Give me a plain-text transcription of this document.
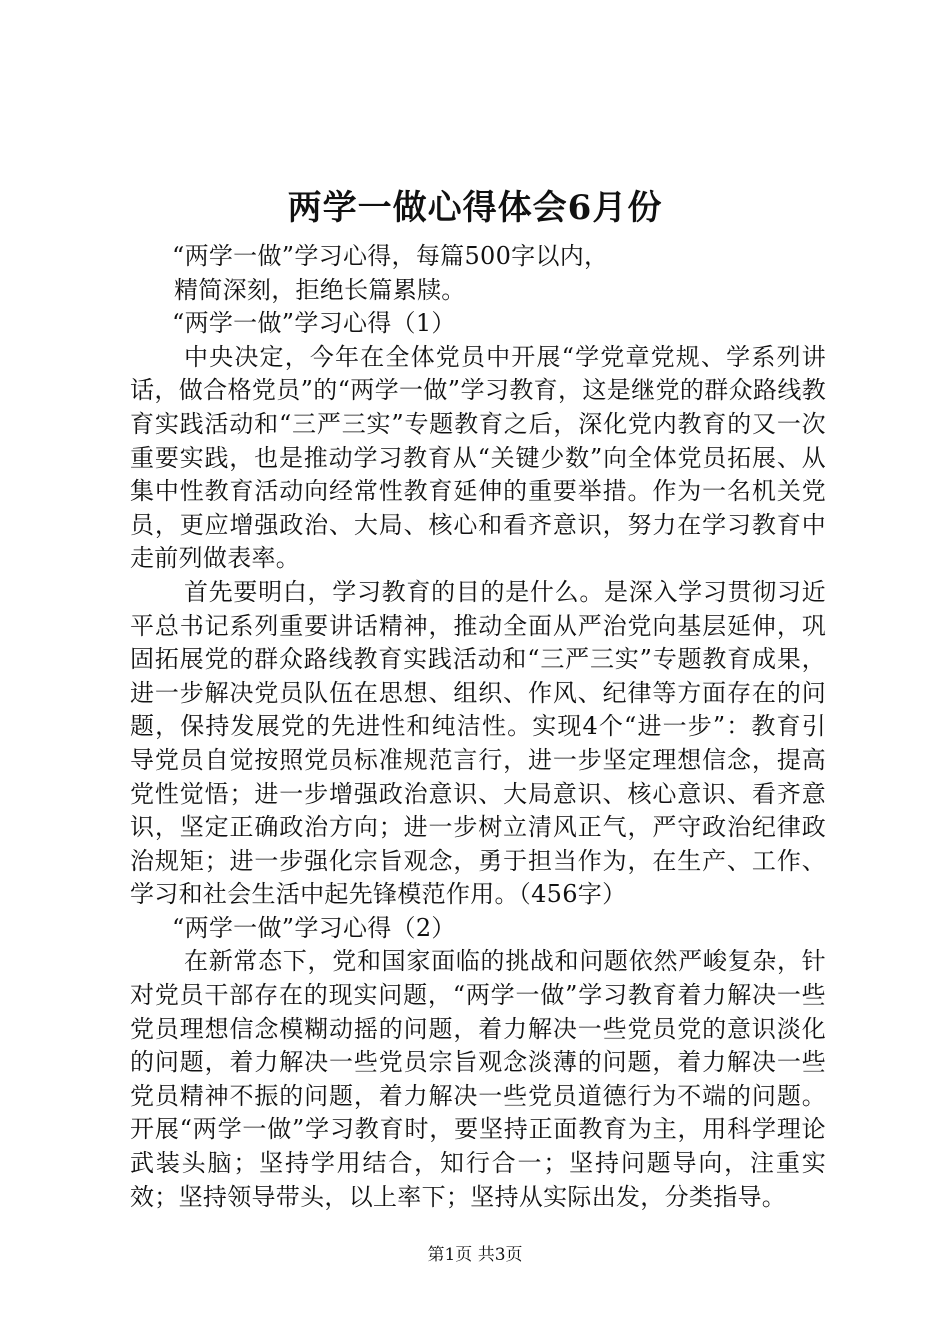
两学一做心得体会6月份

“两学一做”学习心得，每篇500字以内，

精简深刻，拒绝长篇累牍。

“两学一做”学习心得（1）

中央决定，今年在全体党员中开展“学党章党规、学系列讲话，做合格党员”的“两学一做”学习教育，这是继党的群众路线教育实践活动和“三严三实”专题教育之后，深化党内教育的又一次重要实践，也是推动学习教育从“关键少数”向全体党员拓展、从集中性教育活动向经常性教育延伸的重要举措。作为一名机关党员，更应增强政治、大局、核心和看齐意识，努力在学习教育中走前列做表率。

首先要明白，学习教育的目的是什么。是深入学习贯彻习近平总书记系列重要讲话精神，推动全面从严治党向基层延伸，巩固拓展党的群众路线教育实践活动和“三严三实”专题教育成果，进一步解决党员队伍在思想、组织、作风、纪律等方面存在的问题，保持发展党的先进性和纯洁性。实现4个“进一步”：教育引导党员自觉按照党员标准规范言行，进一步坚定理想信念，提高党性觉悟；进一步增强政治意识、大局意识、核心意识、看齐意识，坚定正确政治方向；进一步树立清风正气，严守政治纪律政治规矩；进一步强化宗旨观念，勇于担当作为，在生产、工作、学习和社会生活中起先锋模范作用。（456字）

“两学一做”学习心得（2）

在新常态下，党和国家面临的挑战和问题依然严峻复杂，针对党员干部存在的现实问题，“两学一做”学习教育着力解决一些党员理想信念模糊动摇的问题，着力解决一些党员党的意识淡化的问题，着力解决一些党员宗旨观念淡薄的问题，着力解决一些党员精神不振的问题，着力解决一些党员道德行为不端的问题。开展“两学一做”学习教育时，要坚持正面教育为主，用科学理论武装头脑；坚持学用结合，知行合一；坚持问题导向，注重实效；坚持领导带头，以上率下；坚持从实际出发，分类指导。

第1页 共3页
